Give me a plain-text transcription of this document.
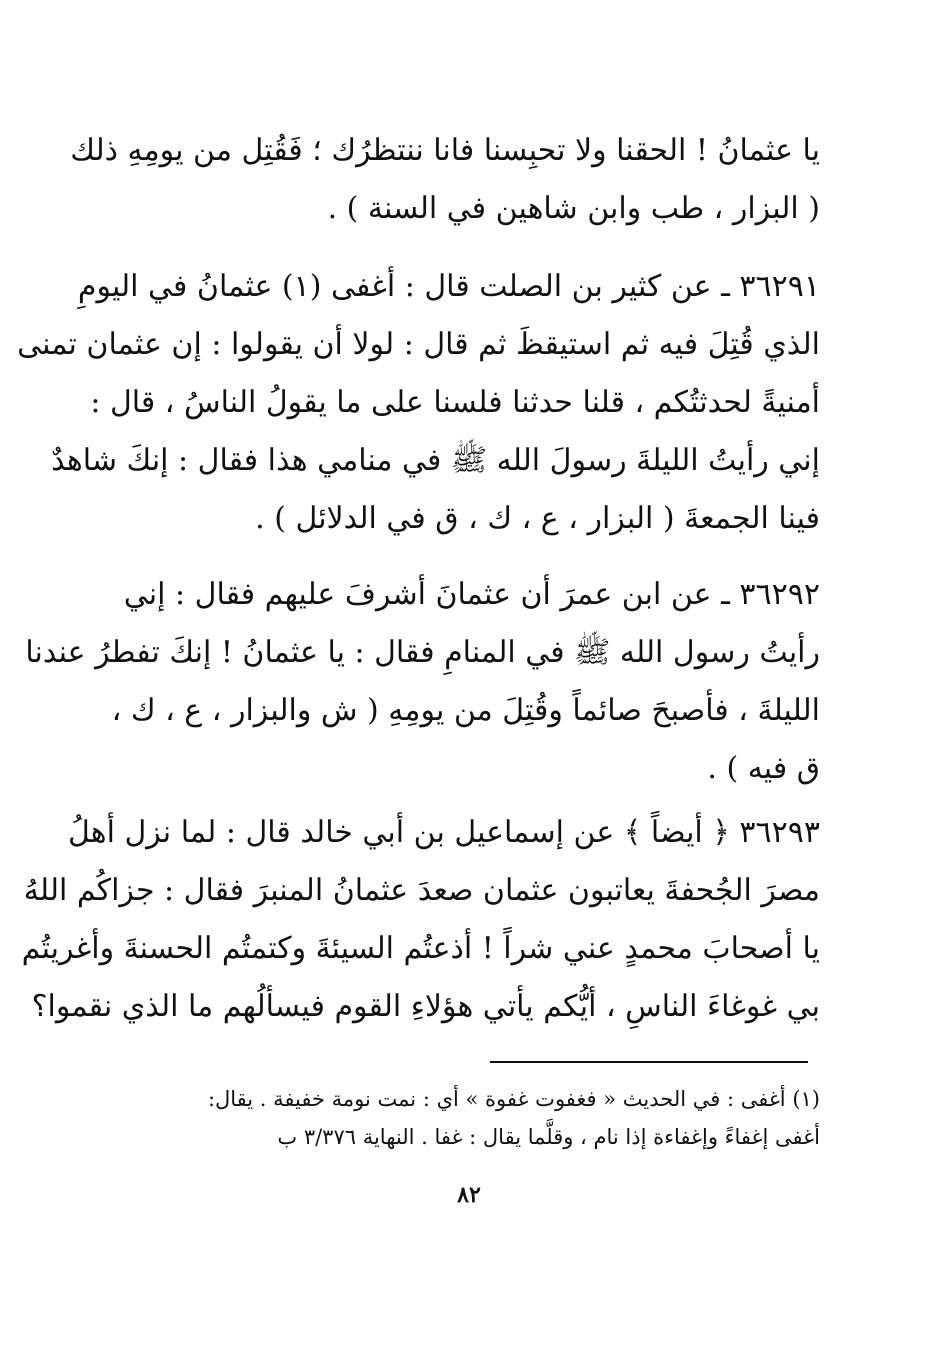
يا عثمانُ ! الحقنا ولا تحبِسنا فانا ننتظرُك ؛ فَقُتِل من يومِهِ ذلك
( البزار ، طب وابن شاهين في السنة ) .
٣٦٢٩١ ـ عن كثير بن الصلت قال : أغفى (١) عثمانُ في اليومِ
الذي قُتِلَ فيه ثم استيقظَ ثم قال : لولا أن يقولوا : إن عثمان تمنى
أمنيةً لحدثتُكم ، قلنا حدثنا فلسنا على ما يقولُ الناسُ ، قال :
إني رأيتُ الليلةَ رسولَ الله ﷺ في منامي هذا فقال : إنكَ شاهدٌ
فينا الجمعةَ ( البزار ، ع ، ك ، ق في الدلائل ) .
٣٦٢٩٢ ـ عن ابن عمرَ أن عثمانَ أشرفَ عليهم فقال : إني
رأيتُ رسول الله ﷺ في المنامِ فقال : يا عثمانُ ! إنكَ تفطرُ عندنا
الليلةَ ، فأصبحَ صائماً وقُتِلَ من يومِهِ ( ش والبزار ، ع ، ك ،
ق فيه ) .
٣٦٢٩٣ ﴿ أيضاً ﴾ عن إسماعيل بن أبي خالد قال : لما نزل أهلُ
مصرَ الجُحفةَ يعاتبون عثمان صعدَ عثمانُ المنبرَ فقال : جزاكُم اللهُ
يا أصحابَ محمدٍ عني شراً ! أذعتُم السيئةَ وكتمتُم الحسنةَ وأغريتُم
بي غوغاءَ الناسِ ، أيُّكم يأتي هؤلاءِ القوم فيسألُهم ما الذي نقموا؟
(١) أغفى : في الحديث « فغفوت غفوة » أي : نمت نومة خفيفة . يقال:
أغفى إغفاءً وإغفاءة إذا نام ، وقلَّما يقال : غفا . النهاية ٣/٣٧٦ ب
٨٢
